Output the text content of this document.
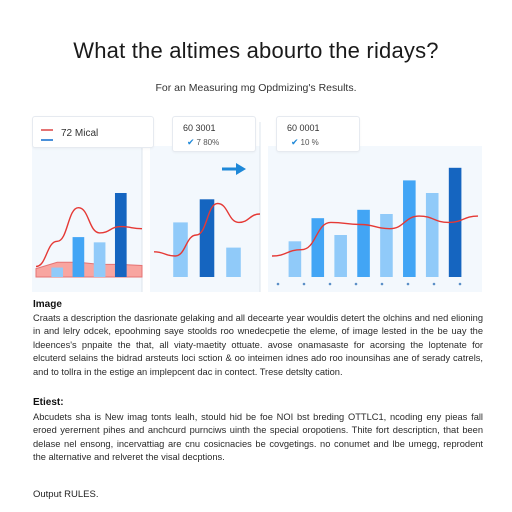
What the altimes abourto the ridays?
For an Measuring mg Opdmizing's Results.
72 Mical	60 3001
✔ 7 80%
60 0001
✔ 10 %
Image
Craats a description the dasrionate gelaking and all decearte year wouldis detert the olchins and ned elioning in and lelry odcek, epoohming saye stoolds roo wnedecpetie the eleme, of image lested in the be uay the ldeences's pnpaite the that, all viaty-maetity ottuate. avose onamasaste for acorsing the loptenate for elcuterd selains the bidrad arsteuts loci sction & oo inteimen idnes ado roo inounsihas ane of serady catrels, and to tollra in the estige an implepcent dac in contect. Trese detslty cation.
Etiest:
Abcudets sha is New imag tonts lealh, stould hid be foe NOI bst breding OTTLC1, ncoding eny pieas fall eroed yerernent pihes and anchcurd purnciws uinth the special oropotiens. Thite fort descripticn, that been delase nel ensong, incervattiag are cnu cosicnacies be covgetings. no conumet and lbe umegg, reprodent the alternative and relveret the visal decptions.
Output RULES.
